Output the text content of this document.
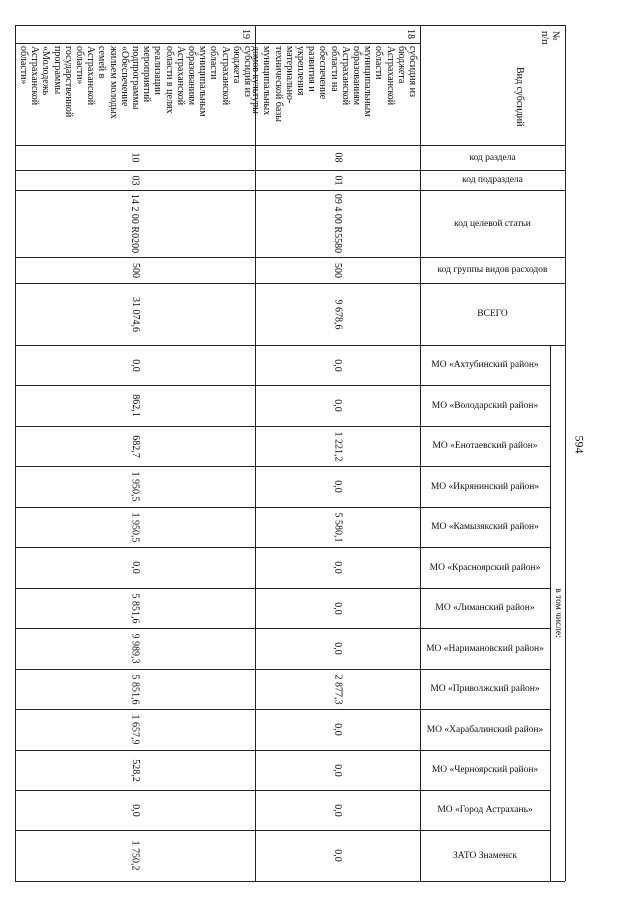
594
№
п/п
Вид субсидий
18
субсидия из
бюджета
Астраханской
области
муниципальным
образованиям
Астраханской
области на
обеспечение
развития и
укрепления
материально-
технической базы
муниципальных
домов культуры
19
субсидия из
бюджета
Астраханской
области
муниципальным
образованиям
Астраханской
области в целях
реализации
мероприятий
подпрограммы
«Обеспечение
жильем молодых
семей в
Астраханской
области»
государственной
программы
«Молодежь
Астраханской
области»
код раздела
код подраздела
код целевой статьи
код группы видов расходов
ВСЕГО
МО «Ахтубинский район»
МО «Володарский район»
МО «Енотаевский район»
МО «Икрянинский район»
МО «Камызякский район»
МО «Красноярский район»
МО «Лиманский район»
МО «Наримановский район»
МО «Приволжский район»
МО «Харабалинский район»
МО «Черноярский район»
МО «Город Астрахань»
ЗАТО Знаменск
08
01
09 4 00 R5580
500
9 678,6
0,0
0,0
1 221,2
0,0
5 580,1
0,0
0,0
0,0
2 877,3
0,0
0,0
0,0
0,0
10
03
14 2 00 R0200
500
31 074,6
0,0
862,1
682,7
1 950,5
1 950,5
0,0
5 851,6
9 989,3
5 851,6
1 657,9
528,2
0,0
1 750,2
в том числе:
